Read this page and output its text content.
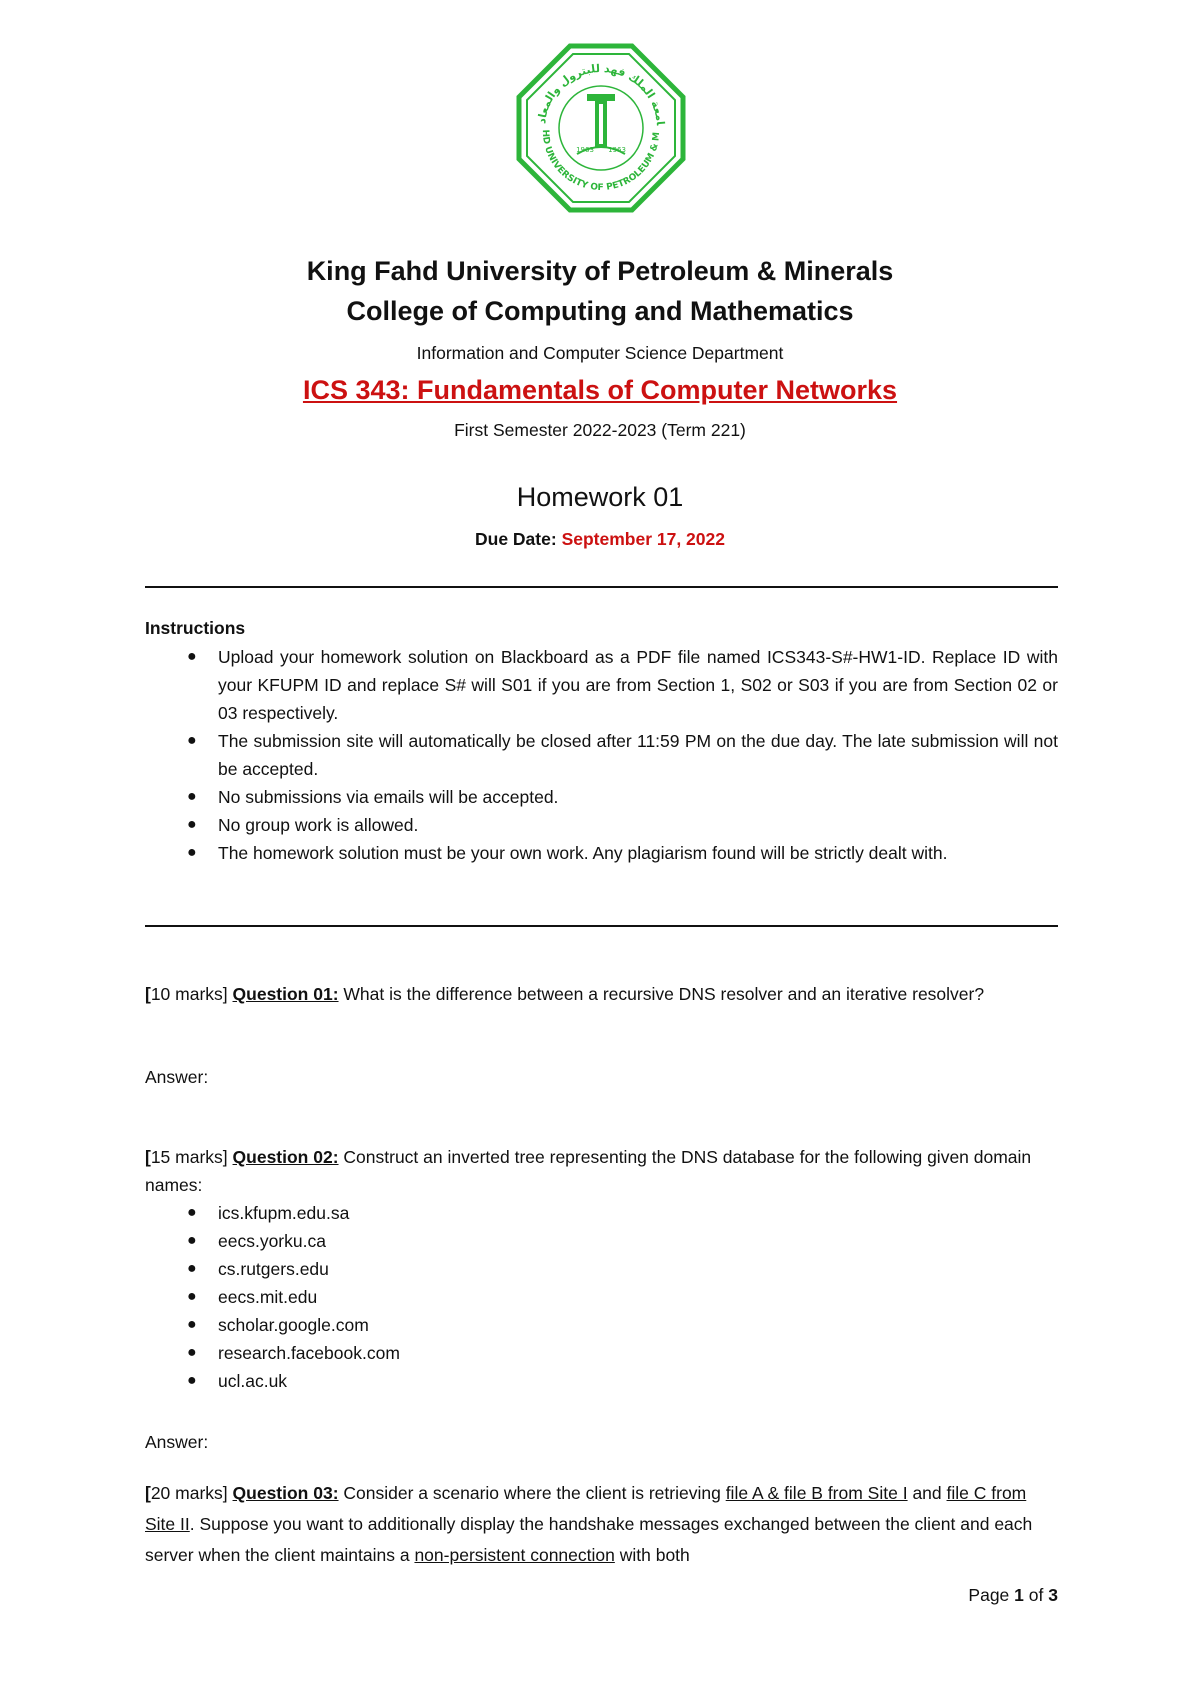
امعة الملك فهد للبترول والمعاد
HD UNIVERSITY OF PETROLEUM & M
1963 1963
King Fahd University of Petroleum & Minerals
College of Computing and Mathematics
Information and Computer Science Department
ICS 343: Fundamentals of Computer Networks
First Semester 2022-2023 (Term 221)
Homework 01
Due Date: September 17, 2022
Instructions
● Upload your homework solution on Blackboard as a PDF file named ICS343-S#-HW1-ID. Replace ID with your KFUPM ID and replace S# will S01 if you are from Section 1, S02 or S03 if you are from Section 02 or 03 respectively.
● The submission site will automatically be closed after 11:59 PM on the due day. The late submission will not be accepted.
● No submissions via emails will be accepted.
● No group work is allowed.
● The homework solution must be your own work. Any plagiarism found will be strictly dealt with.
[10 marks] Question 01: What is the difference between a recursive DNS resolver and an iterative resolver?
Answer:
[15 marks] Question 02: Construct an inverted tree representing the DNS database for the following given domain names:
● ics.kfupm.edu.sa
● eecs.yorku.ca
● cs.rutgers.edu
● eecs.mit.edu
● scholar.google.com
● research.facebook.com
● ucl.ac.uk
Answer:
[20 marks] Question 03: Consider a scenario where the client is retrieving file A & file B from Site I and file C from Site II. Suppose you want to additionally display the handshake messages exchanged between the client and each server when the client maintains a non-persistent connection with both
Page 1 of 3
